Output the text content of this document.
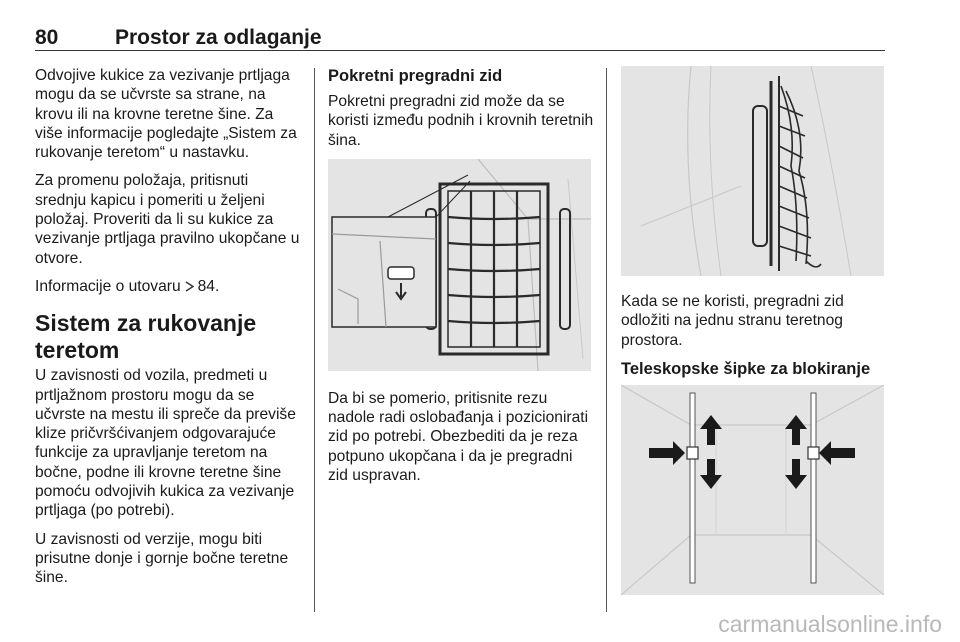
80	Prostor za odlaganje

Odvojive kukice za vezivanje prtljaga mogu da se učvrste sa strane, na krovu ili na krovne teretne šine. Za više informacije pogledajte „Sistem za rukovanje teretom“ u nastavku.

Za promenu položaja, pritisnuti srednju kapicu i pomeriti u željeni položaj. Proveriti da li su kukice za vezivanje prtljaga pravilno ukopčane u otvore.

Informacije o utovaru 84.

Sistem za rukovanje teretom

U zavisnosti od vozila, predmeti u prtljažnom prostoru mogu da se učvrste na mestu ili spreče da previše klize pričvršćivanjem odgovarajuće funkcije za upravljanje teretom na bočne, podne ili krovne teretne šine pomoću odvojivih kukica za vezivanje prtljaga (po potrebi).

U zavisnosti od verzije, mogu biti prisutne donje i gornje bočne teretne šine.

Pokretni pregradni zid

Pokretni pregradni zid može da se koristi između podnih i krovnih teretnih šina.

Da bi se pomerio, pritisnite rezu nadole radi oslobađanja i pozicionirati zid po potrebi. Obezbediti da je reza potpuno ukopčana i da je pregradni zid uspravan.

Kada se ne koristi, pregradni zid odložiti na jednu stranu teretnog prostora.

Teleskopske šipke za blokiranje
carmanualsonline.info
